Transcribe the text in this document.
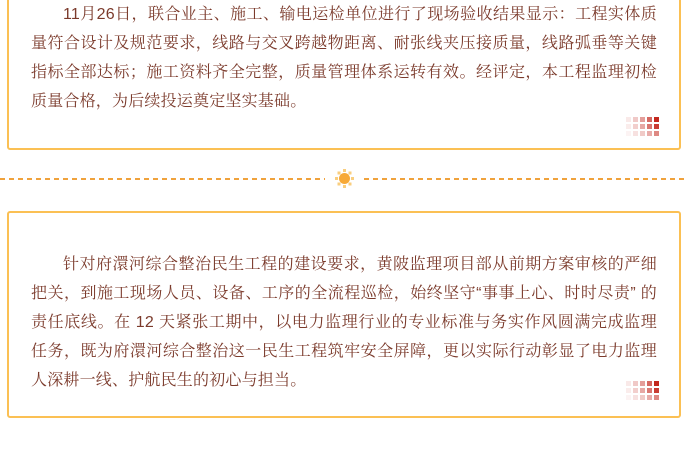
11月26日，联合业主、施工、输电运检单位进行了现场验收结果显示：工程实体质量符合设计及规范要求，线路与交叉跨越物距离、耐张线夹压接质量，线路弧垂等关键指标全部达标；施工资料齐全完整，质量管理体系运转有效。经评定，本工程监理初检质量合格，为后续投运奠定坚实基础。

针对府澴河综合整治民生工程的建设要求，黄陂监理项目部从前期方案审核的严细把关，到施工现场人员、设备、工序的全流程巡检，始终坚守“事事上心、时时尽责” 的责任底线。在 12 天紧张工期中，以电力监理行业的专业标准与务实作风圆满完成监理任务，既为府澴河综合整治这一民生工程筑牢安全屏障，更以实际行动彰显了电力监理人深耕一线、护航民生的初心与担当。
